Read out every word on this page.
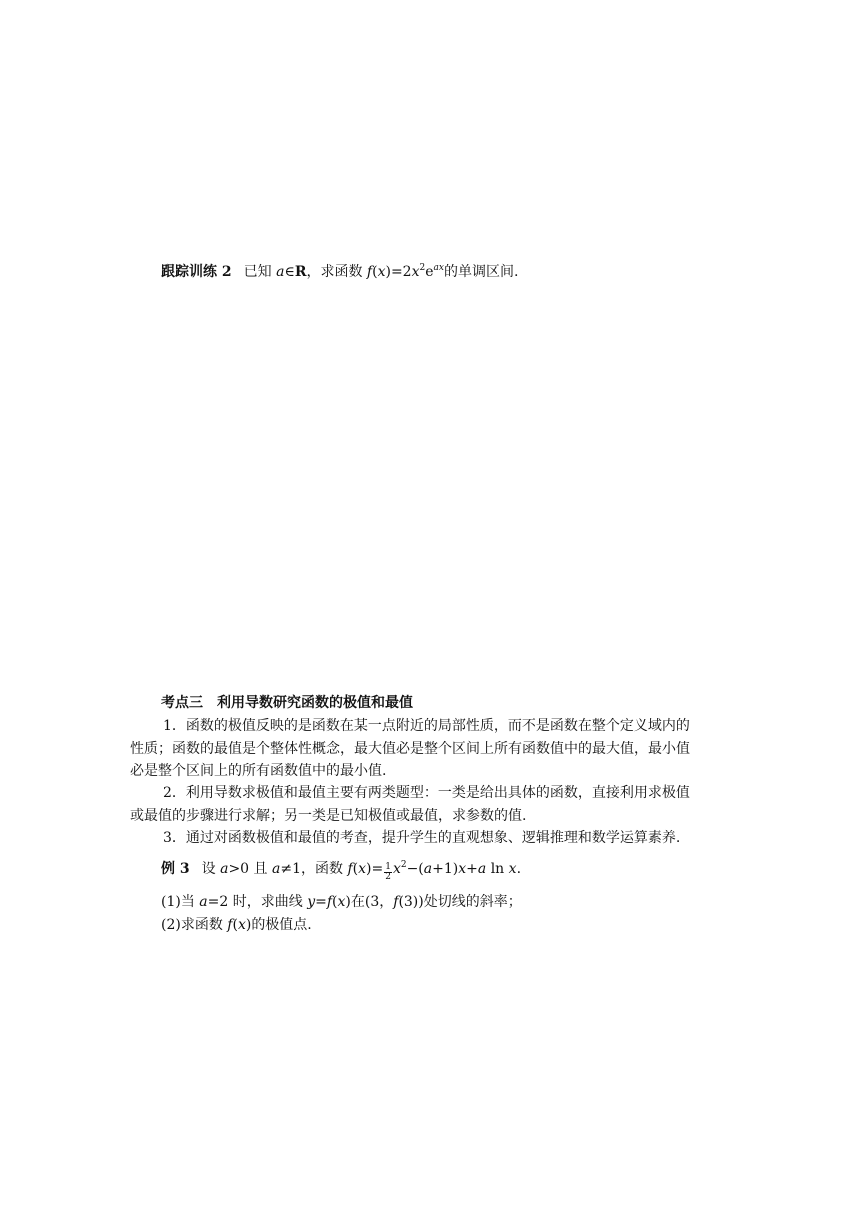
跟踪训练 2 已知 a∈R，求函数 $f(x)=2x^2e^{ax}$的单调区间.
考点三　利用导数研究函数的极值和最值
1．函数的极值反映的是函数在某一点附近的局部性质，而不是函数在整个定义域内的
性质；函数的最值是个整体性概念，最大值必是整个区间上所有函数值中的最大值，最小值
必是整个区间上的所有函数值中的最小值.
2．利用导数求极值和最值主要有两类题型：一类是给出具体的函数，直接利用求极值
或最值的步骤进行求解；另一类是已知极值或最值，求参数的值.
3．通过对函数极值和最值的考查，提升学生的直观想象、逻辑推理和数学运算素养.
例 3 设 a>0 且 a≠1，函数 $f(x)= \frac{1}{2} x^2-(a+1)x+a$ ln x.
(1)当 a=2 时，求曲线 y=f(x)在(3，f(3))处切线的斜率；
(2)求函数 f(x)的极值点.
